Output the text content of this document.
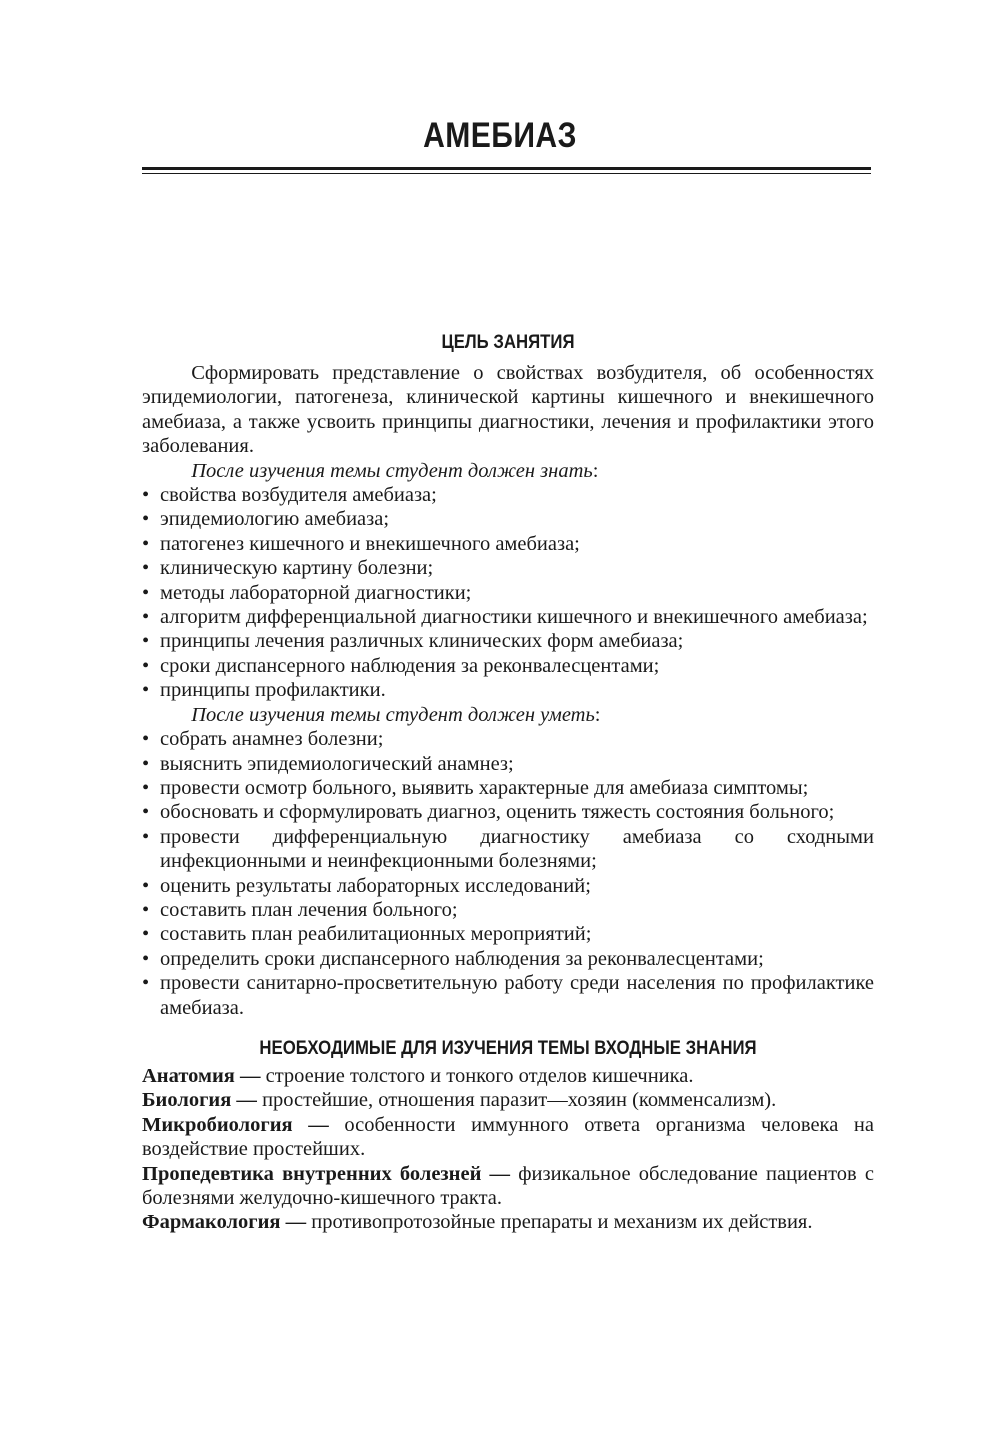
АМЕБИАЗ
ЦЕЛЬ ЗАНЯТИЯ

Сформировать представление о свойствах возбудителя, об особенностях эпидемиологии, патогенеза, клинической картины кишечного и внекишечного амебиаза, а также усвоить принципы диагностики, лечения и профилактики этого заболевания.

После изучения темы студент должен знать:

• свойства возбудителя амебиаза;
• эпидемиологию амебиаза;
• патогенез кишечного и внекишечного амебиаза;
• клиническую картину болезни;
• методы лабораторной диагностики;
• алгоритм дифференциальной диагностики кишечного и внекишечного амебиаза;
• принципы лечения различных клинических форм амебиаза;
• сроки диспансерного наблюдения за реконвалесцентами;
• принципы профилактики.

После изучения темы студент должен уметь:

• собрать анамнез болезни;
• выяснить эпидемиологический анамнез;
• провести осмотр больного, выявить характерные для амебиаза симптомы;
• обосновать и сформулировать диагноз, оценить тяжесть состояния больного;
• провести дифференциальную диагностику амебиаза со сходными инфекционными и неинфекционными болезнями;
• оценить результаты лабораторных исследований;
• составить план лечения больного;
• составить план реабилитационных мероприятий;
• определить сроки диспансерного наблюдения за реконвалесцентами;
• провести санитарно-просветительную работу среди населения по профилактике амебиаза.
НЕОБХОДИМЫЕ ДЛЯ ИЗУЧЕНИЯ ТЕМЫ ВХОДНЫЕ ЗНАНИЯ

Анатомия — строение толстого и тонкого отделов кишечника.

Биология — простейшие, отношения паразит—хозяин (комменсализм).

Микробиология — особенности иммунного ответа организма человека на воздействие простейших.

Пропедевтика внутренних болезней — физикальное обследование пациентов с болезнями желудочно-кишечного тракта.

Фармакология — противопротозойные препараты и механизм их действия.
